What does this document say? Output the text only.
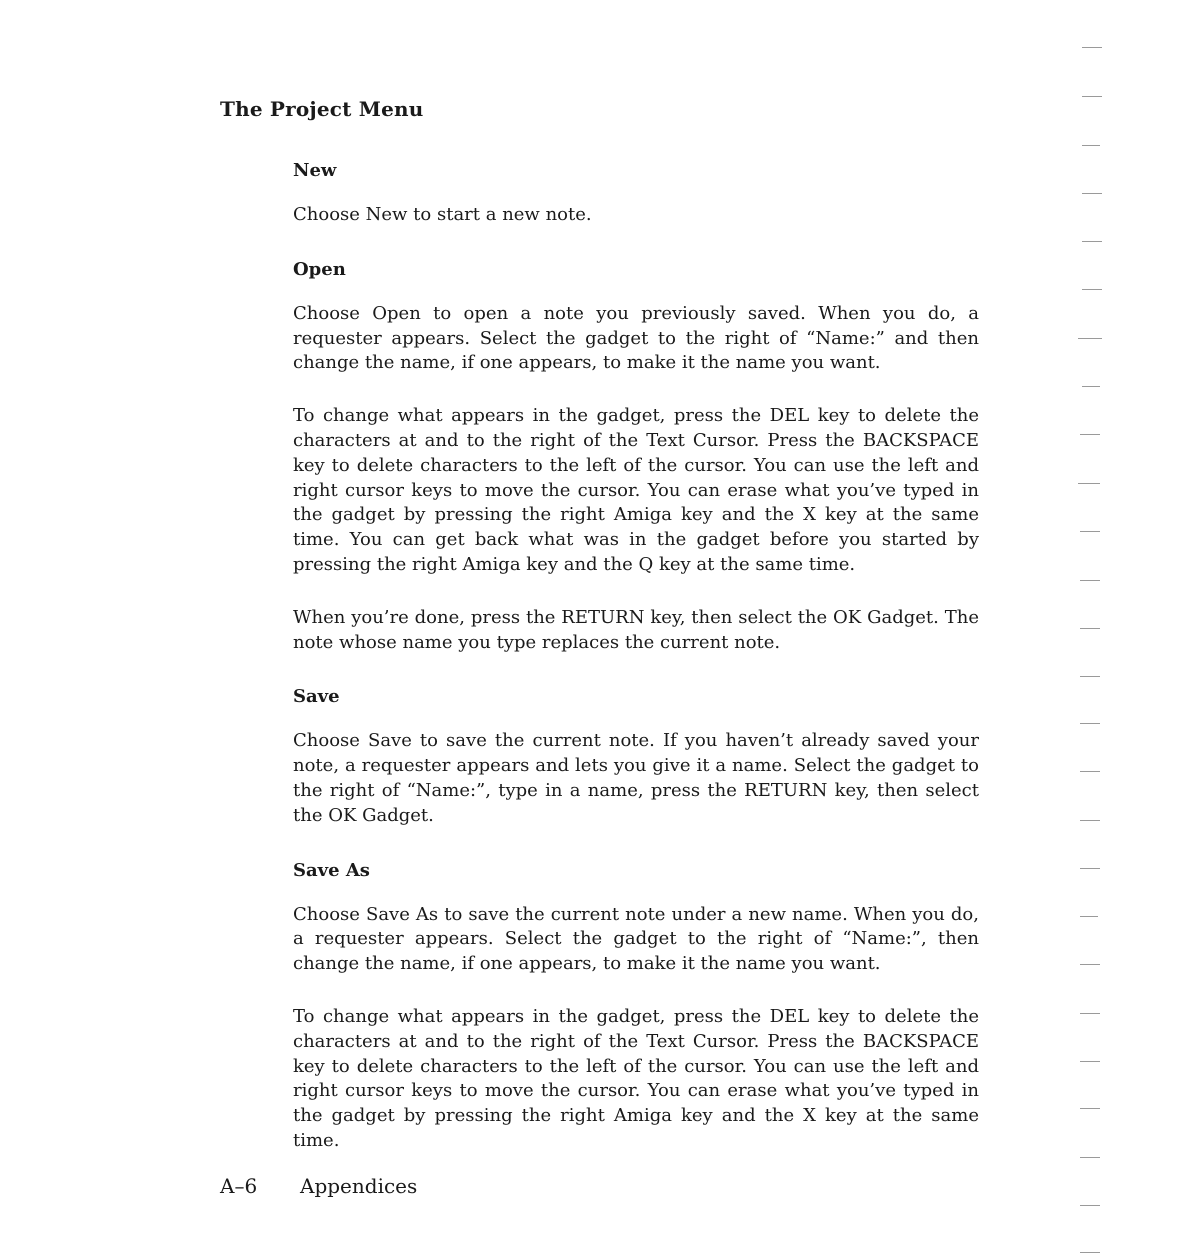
The Project Menu
New

Choose New to start a new note.

Open

Choose Open to open a note you previously saved. When you do, a requester appears. Select the gadget to the right of “Name:” and then change the name, if one appears, to make it the name you want.

To change what appears in the gadget, press the DEL key to delete the characters at and to the right of the Text Cursor. Press the BACKSPACE key to delete characters to the left of the cursor. You can use the left and right cursor keys to move the cursor. You can erase what you’ve typed in the gadget by pressing the right Amiga key and the X key at the same time. You can get back what was in the gadget before you started by pressing the right Amiga key and the Q key at the same time.

When you’re done, press the RETURN key, then select the OK Gadget. The note whose name you type replaces the current note.

Save

Choose Save to save the current note. If you haven’t already saved your note, a requester appears and lets you give it a name. Select the gadget to the right of “Name:”, type in a name, press the RETURN key, then select the OK Gadget.

Save As

Choose Save As to save the current note under a new name. When you do, a requester appears. Select the gadget to the right of “Name:”, then change the name, if one appears, to make it the name you want.

To change what appears in the gadget, press the DEL key to delete the characters at and to the right of the Text Cursor. Press the BACKSPACE key to delete characters to the left of the cursor. You can use the left and right cursor keys to move the cursor. You can erase what you’ve typed in the gadget by pressing the right Amiga key and the X key at the same time.

A–6 Appendices
